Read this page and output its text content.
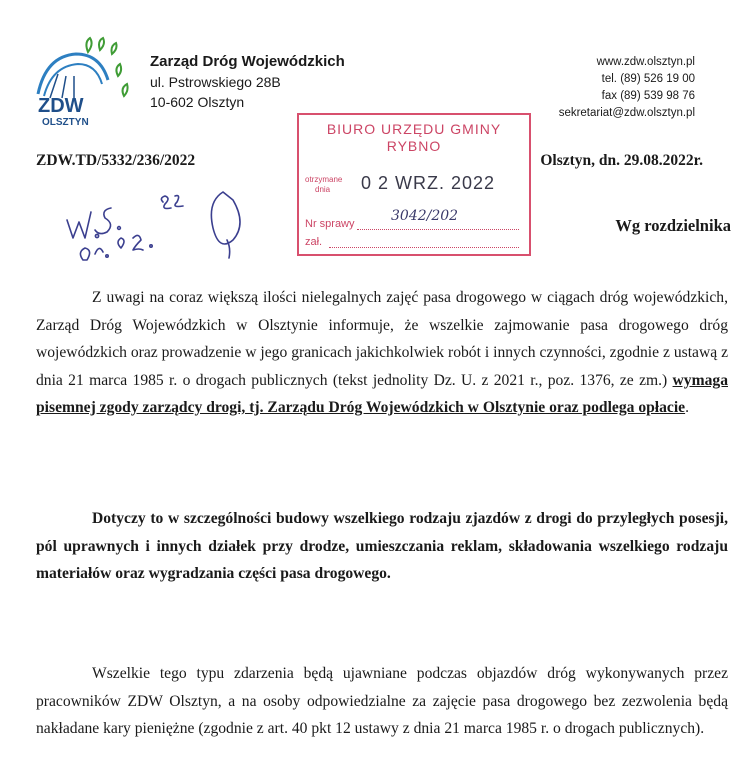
ZDW
OLSZTYN
Zarząd Dróg Wojewódzkich
ul. Pstrowskiego 28B
10-602 Olsztyn
www.zdw.olsztyn.pl
tel. (89) 526 19 00
fax (89) 539 98 76
sekretariat@zdw.olsztyn.pl
ZDW.TD/5332/236/2022	Olsztyn, dn. 29.08.2022r.
BIURO URZĘDU GMINY
RYBNO
otrzymane
dnia 0 2 WRZ. 2022
Nr sprawy	3042/202
zał.
Wg rozdzielnika
Z uwagi na coraz większą ilości nielegalnych zajęć pasa drogowego w ciągach dróg wojewódzkich, Zarząd Dróg Wojewódzkich w Olsztynie informuje, że wszelkie zajmowanie pasa drogowego dróg wojewódzkich oraz prowadzenie w jego granicach jakichkolwiek robót i innych czynności, zgodnie z ustawą z dnia 21 marca 1985 r. o drogach publicznych (tekst jednolity Dz. U. z 2021 r., poz. 1376, ze zm.) wymaga pisemnej zgody zarządcy drogi, tj. Zarządu Dróg Wojewódzkich w Olsztynie oraz podlega opłacie.
Dotyczy to w szczególności budowy wszelkiego rodzaju zjazdów z drogi do przyległych posesji, pól uprawnych i innych działek przy drodze, umieszczania reklam, składowania wszelkiego rodzaju materiałów oraz wygradzania części pasa drogowego.
Wszelkie tego typu zdarzenia będą ujawniane podczas objazdów dróg wykonywanych przez pracowników ZDW Olsztyn, a na osoby odpowiedzialne za zajęcie pasa drogowego bez zezwolenia będą nakładane kary pieniężne (zgodnie z art. 40 pkt 12 ustawy z dnia 21 marca 1985 r. o drogach publicznych).
